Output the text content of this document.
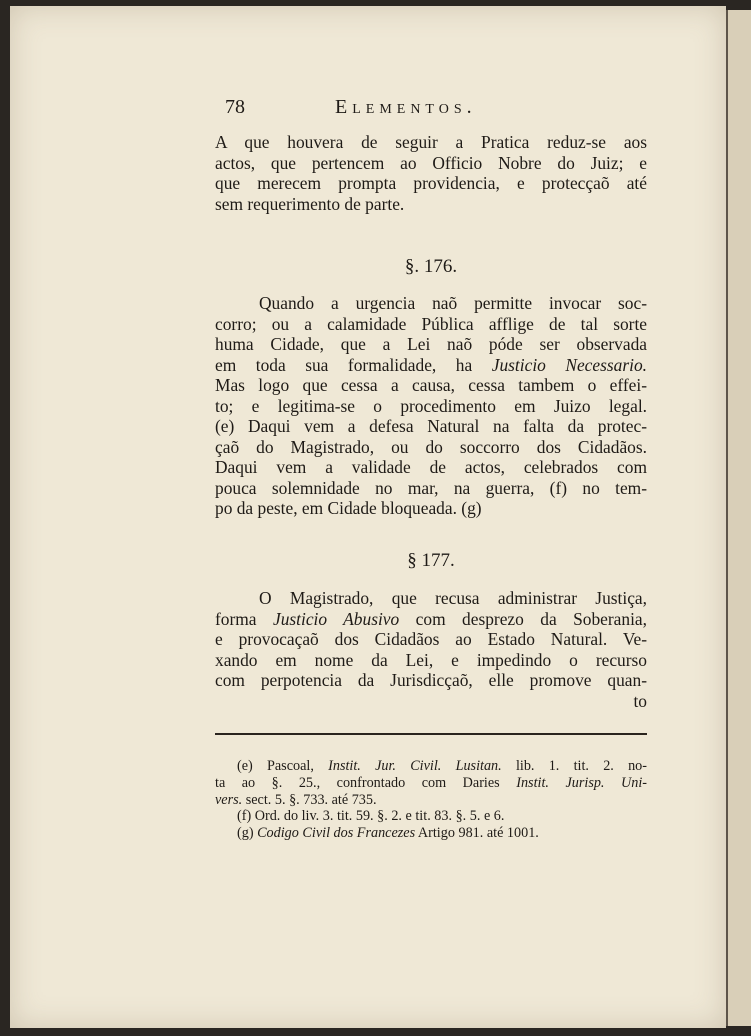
78	Elementos.
A que houvera de seguir a Pratica reduz-se aos
actos, que pertencem ao Officio Nobre do Juiz; e
que merecem prompta providencia, e protecçaõ até
sem requerimento de parte.
§. 176.
Quando a urgencia naõ permitte invocar soc-
corro; ou a calamidade Pública afflige de tal sorte
huma Cidade, que a Lei naõ póde ser observada
em toda sua formalidade, ha Justicio Necessario.
Mas logo que cessa a causa, cessa tambem o effei-
to; e legitima-se o procedimento em Juizo legal.
(e) Daqui vem a defesa Natural na falta da protec-
çaõ do Magistrado, ou do soccorro dos Cidadãos.
Daqui vem a validade de actos, celebrados com
pouca solemnidade no mar, na guerra, (f) no tem-
po da peste, em Cidade bloqueada. (g)
§ 177.
O Magistrado, que recusa administrar Justiça,
forma Justicio Abusivo com desprezo da Soberania,
e provocaçaõ dos Cidadãos ao Estado Natural. Ve-
xando em nome da Lei, e impedindo o recurso
com perpotencia da Jurisdicçaõ, elle promove quan-
to
(e) Pascoal, Instit. Jur. Civil. Lusitan. lib. 1. tit. 2. no-
ta ao §. 25., confrontado com Daries Instit. Jurisp. Uni-
vers. sect. 5. §. 733. até 735.
(f) Ord. do liv. 3. tit. 59. §. 2. e tit. 83. §. 5. e 6.
(g) Codigo Civil dos Francezes Artigo 981. até 1001.
